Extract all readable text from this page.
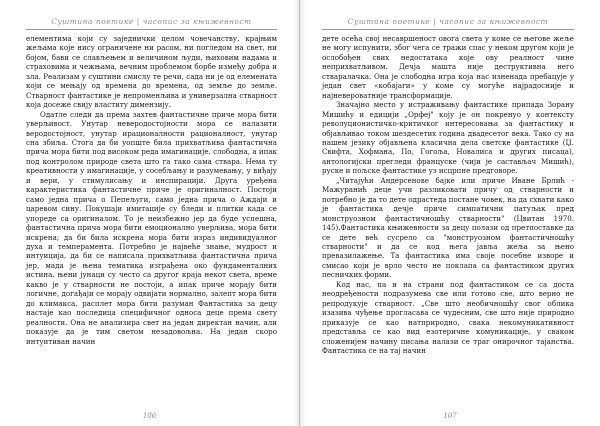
Суштина поетике | часопис за књижевност

елементима који су заједнички целом човечанству, крајњим жељама које нису ограничене ни расом, ни погледом на свет, ни бојом, бави се слављењем и величином људи, њиховим надама и страховима и чежњама, вечним проблемом борбе између добра и зла. Реализам у суштини смислу те речи, сада ни је од елемената који се мењају од времена до времена, од земље до земље. Стварност фантастике је непроменљива и универзална стварност која досеже свију властиту димензију.

Одатле следи да према захтев фантастичне приче мора бити уверљивост. Унутар неверодостојности мора се налазити веродостојност, унутар ирационалности рационалност, унутар сна збиља. Стога да би уопште била прихватљива фантастична прича мора бити под високом реда имагинације, слободна, а ипак под контролом природе света што га тако сама ствара. Нема ту креативности у имагинације, у сосебљању и разумевању, у виђају и вери, у стимулисању и инспирацији. Друга уређена карактеристика фантастичне приче је оригиналност. Постоји само једна прича о Пепељуги, само једна прича о Аждаји и царевом сину. Покушаји имитације су бледи и плитки када се упореде са оригиналом. То је неизбежно јер да буде успешна, фантастична прича мора бити емоционално уверљива, мора бити искрена; да би била искрена мора бити израз индивидуалног духа и темперамента. Потребно је највеће знање, мудрост и интуиција, да би се написала прихватљива фантастична прича јер, мада је њена тематика изграђена око фундаменталних истина, њени јунаци су често са другог краја некот света, време какво је у стварности не постоји, а ипак приче морају бити логичне, догађаји се морају одвијати нормално, залепт мора бити до климакса, расплет мора бити разуман Фантастика за децу настаје као последица специфичног односа деце према свету реалности. Она не анализира свет на један директан начин, али показује да је тим светом незадовољна. На један скоро интуитиван начин

106
Суштина поетике | часопис за књижевност

дете осећа свој несавршеност овога света у коме се његове жеље не могу испунити, због чега се тражи спас у неком другом који је ослобођен свих недостатака које ову реалност чине неприхватљивом. Дечја машта није деструктивна него стваралачка. Она је слободна игра која нас изненада пребацује у један свет «кобајаги» у коме су могуће најрадосније и најневероватније трансформације.

Значајно место у истраживању фантастике припада Зорану Мишићу и едицији „Орфеј" коју је он покренуо у контексту револуционистичко-критичког интересовања за фантастику и објављивао током шездесетих година двадесетог века. Тако су на нашем језику објављена класична дела светске фантастике (Џ. Свифта, Хофмана, По, Гогоља, Новалиса и других писаца), антологијски прегледи француске (чији је састављач Мишић), руске и пољске фантастике уз исцрпне предговоре.

„Читајући Андерсенове бајке или приче Иване Брлић - Мажуранић деце учи разликовати причу од стварности и потребно је да то дете одрастеда постане човек, на да схвати како је фантастика дечје приче симпатични патуљак пред монструозном фантастичношћу стварности" (Цвитан 1970. 145).Фантастика књижевности за децу полази од претпоставке да се дете већ сусрело са "монструозном фантастичношћу стварности" и да се код њега јавља жеља за њено превазилажење. Та фантастика има своје посебне изворе и смисао који је врло често не поклапа са фантастиком других песничких форми.

Код нас, па и на страни под фантастиком се са доста неодређености подразумева све или готово све, што верно не репродукује стварност. „Све што необичношћу свог облика изазива чуђење прогласава се чудесним, све што није природно приказује се као натприродно, свака некомуникативност представља се као вид езотеричне комуникације, у сваком сложенијем начину писања налази се траг онирочног тајанства. Фантастика се на тај начин

107
